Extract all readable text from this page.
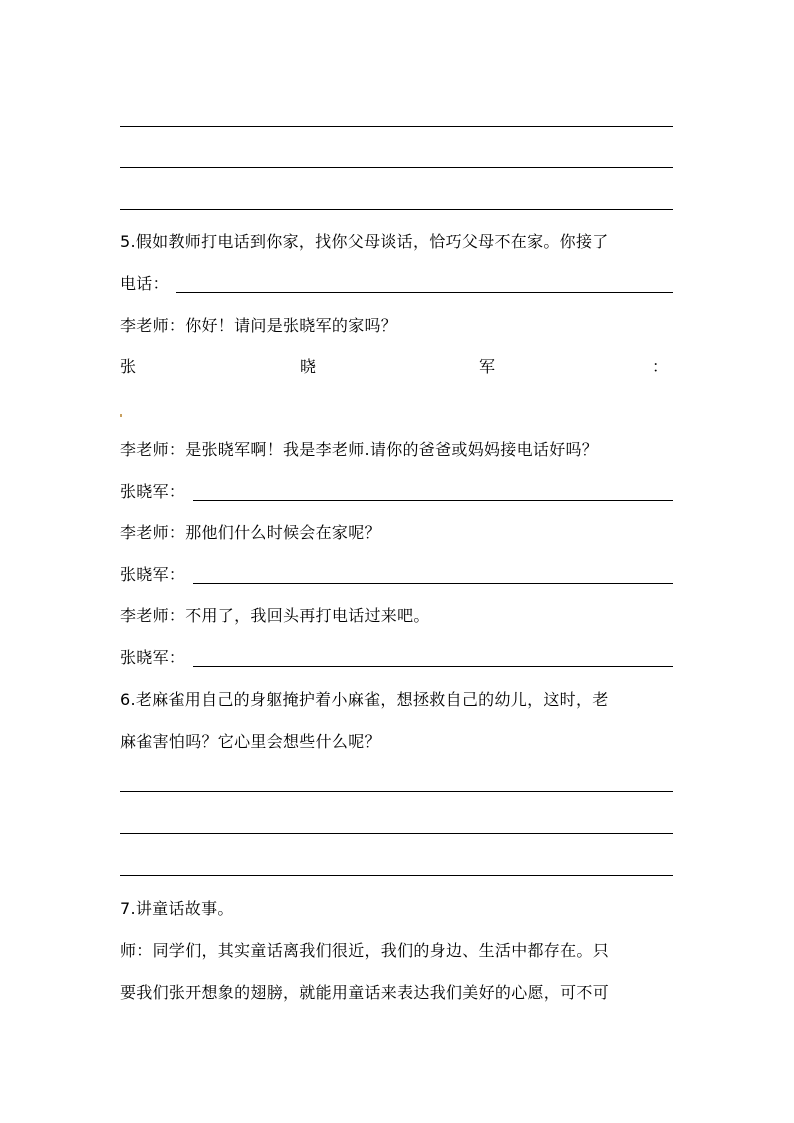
5.假如教师打电话到你家，找你父母谈话，恰巧父母不在家。你接了
电话：
李老师：你好！请问是张晓军的家吗？
张	晓	军	：
李老师：是张晓军啊！我是李老师.请你的爸爸或妈妈接电话好吗？
张晓军：
李老师：那他们什么时候会在家呢？
张晓军：
李老师：不用了，我回头再打电话过来吧。
张晓军：
6.老麻雀用自己的身躯掩护着小麻雀，想拯救自己的幼儿，这时，老
麻雀害怕吗？它心里会想些什么呢？
7.讲童话故事。
师：同学们，其实童话离我们很近，我们的身边、生活中都存在。只
要我们张开想象的翅膀，就能用童话来表达我们美好的心愿，可不可
